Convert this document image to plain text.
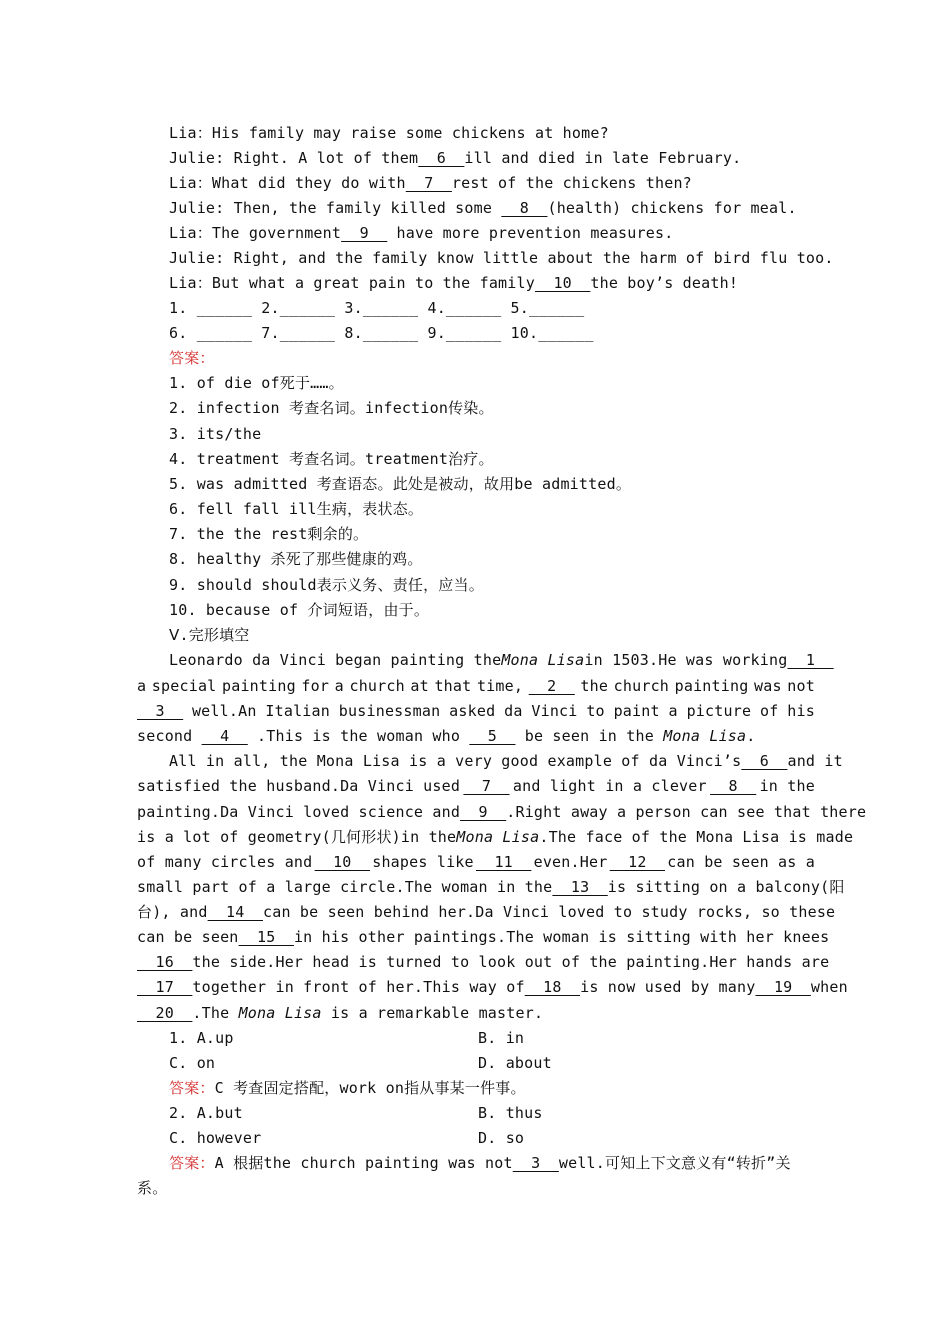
Lia：His family may raise some chickens at home?
Julie: Right. A lot of them  6  ill and died in late February.
Lia：What did they do with  7  rest of the chickens then?
Julie: Then, the family killed some   8  (health) chickens for meal.
Lia：The government  9   have more prevention measures.
Julie: Right, and the family know little about the harm of bird flu too.
Lia：But what a great pain to the family  10  the boy’s death!
1. ______ 2.______ 3.______ 4.______ 5.______
6. ______ 7.______ 8.______ 9.______ 10.______
答案：
1. of die of死于……。
2. infection 考查名词。infection传染。
3. its/the
4. treatment 考查名词。treatment治疗。
5. was admitted 考查语态。此处是被动，故用be admitted。
6. fell fall ill生病，表状态。
7. the the rest剩余的。
8. healthy 杀死了那些健康的鸡。
9. should should表示义务、责任，应当。
10. because of 介词短语，由于。
Ⅴ.完形填空
Leonardo da Vinci began painting the Mona Lisa in 1503.He was working 1
a special painting for a church at that time, 2 the church painting was not
3 well.An Italian businessman asked da Vinci to paint a picture of his
second   4   .This is the woman who   5   be seen in the Mona Lisa.
All in all, the Mona Lisa is a very good example of da Vinci’s 6 and it
satisfied the husband.Da Vinci used 7 and light in a clever 8 in the
painting.Da Vinci loved science and 9 .Right away a person can see that there
is a lot of geometry(几何形状)in the Mona Lisa .The face of the Mona Lisa is made
of many circles and 10 shapes like 11 even.Her 12 can be seen as a
small part of a large circle.The woman in the 13 is sitting on a balcony(阳
台), and 14 can be seen behind her.Da Vinci loved to study rocks, so these
can be seen 15 in his other paintings.The woman is sitting with her knees
16 the side.Her head is turned to look out of the painting.Her hands are
17 together in front of her.This way of 18 is now used by many 19 when
20  .The Mona Lisa is a remarkable master.
1. A.up	B. in
C. on	D. about
答案：C 考查固定搭配，work on指从事某一件事。
2. A.but	B. thus
C. however	D. so
答案：A 根据the church painting was not  3  well.可知上下文意义有“转折”关
系。
